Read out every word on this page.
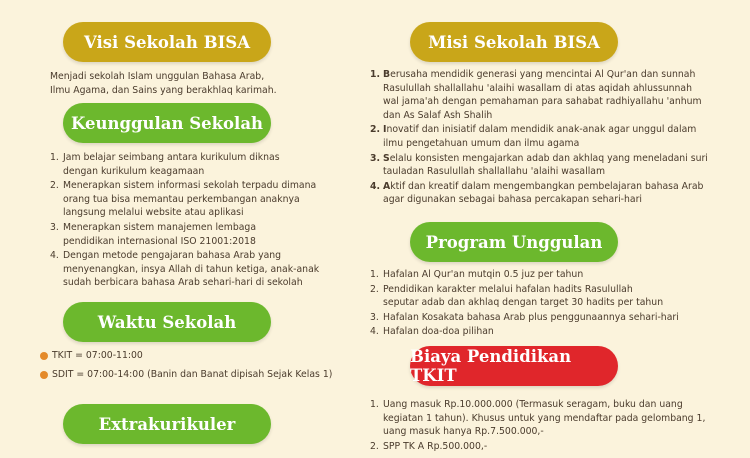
Visi Sekolah BISA
Menjadi sekolah Islam unggulan Bahasa Arab,
Ilmu Agama, dan Sains yang berakhlaq karimah.
Keunggulan Sekolah
1. Jam belajar seimbang antara kurikulum diknas
dengan kurikulum keagamaan
2. Menerapkan sistem informasi sekolah terpadu dimana
orang tua bisa memantau perkembangan anaknya
langsung melalui website atau aplikasi
3. Menerapkan sistem manajemen lembaga
pendidikan internasional ISO 21001:2018
4. Dengan metode pengajaran bahasa Arab yang
menyenangkan, insya Allah di tahun ketiga, anak-anak
sudah berbicara bahasa Arab sehari-hari di sekolah
Waktu Sekolah
TKIT = 07:00-11:00
SDIT = 07:00-14:00 (Banin dan Banat dipisah Sejak Kelas 1)
Extrakurikuler
Misi Sekolah BISA
1. Berusaha mendidik generasi yang mencintai Al Qur'an dan sunnah
Rasulullah shallallahu 'alaihi wasallam di atas aqidah ahlussunnah
wal jama'ah dengan pemahaman para sahabat radhiyallahu 'anhum
dan As Salaf Ash Shalih
2. Inovatif dan inisiatif dalam mendidik anak-anak agar unggul dalam
ilmu pengetahuan umum dan ilmu agama
3. Selalu konsisten mengajarkan adab dan akhlaq yang meneladani suri
tauladan Rasulullah shallallahu 'alaihi wasallam
4. Aktif dan kreatif dalam mengembangkan pembelajaran bahasa Arab
agar digunakan sebagai bahasa percakapan sehari-hari
Program Unggulan
1. Hafalan Al Qur'an mutqin 0.5 juz per tahun
2. Pendidikan karakter melalui hafalan hadits Rasulullah
seputar adab dan akhlaq dengan target 30 hadits per tahun
3. Hafalan Kosakata bahasa Arab plus penggunaannya sehari-hari
4. Hafalan doa-doa pilihan
Biaya Pendidikan TKIT
1. Uang masuk Rp.10.000.000 (Termasuk seragam, buku dan uang
kegiatan 1 tahun). Khusus untuk yang mendaftar pada gelombang 1,
uang masuk hanya Rp.7.500.000,-
2. SPP TK A Rp.500.000,-
